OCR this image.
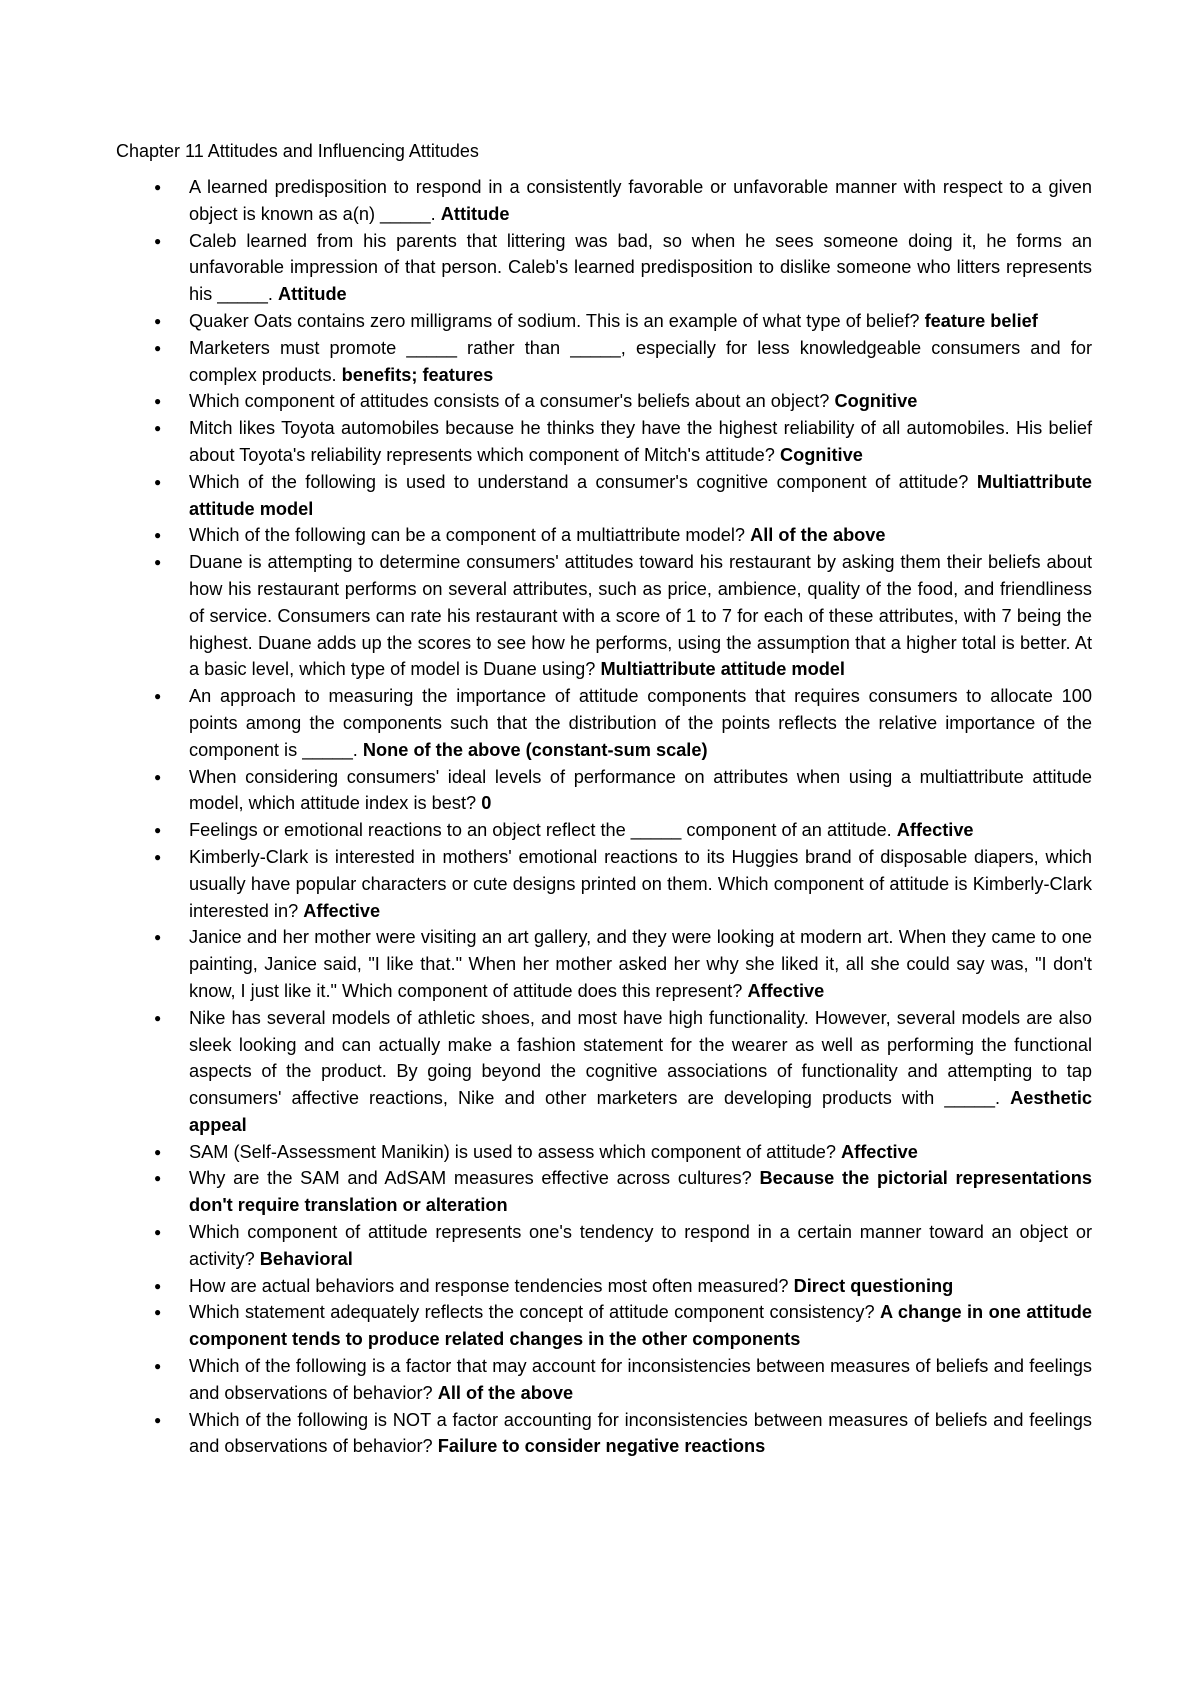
Chapter 11 Attitudes and Influencing Attitudes
● A learned predisposition to respond in a consistently favorable or unfavorable manner with respect to a given object is known as a(n) _____. Attitude
● Caleb learned from his parents that littering was bad, so when he sees someone doing it, he forms an unfavorable impression of that person. Caleb's learned predisposition to dislike someone who litters represents his _____. Attitude
● Quaker Oats contains zero milligrams of sodium. This is an example of what type of belief? feature belief
● Marketers must promote _____ rather than _____, especially for less knowledgeable consumers and for complex products. benefits; features
● Which component of attitudes consists of a consumer's beliefs about an object? Cognitive
● Mitch likes Toyota automobiles because he thinks they have the highest reliability of all automobiles. His belief about Toyota's reliability represents which component of Mitch's attitude? Cognitive
● Which of the following is used to understand a consumer's cognitive component of attitude? Multiattribute attitude model
● Which of the following can be a component of a multiattribute model? All of the above
● Duane is attempting to determine consumers' attitudes toward his restaurant by asking them their beliefs about how his restaurant performs on several attributes, such as price, ambience, quality of the food, and friendliness of service. Consumers can rate his restaurant with a score of 1 to 7 for each of these attributes, with 7 being the highest. Duane adds up the scores to see how he performs, using the assumption that a higher total is better. At a basic level, which type of model is Duane using? Multiattribute attitude model
● An approach to measuring the importance of attitude components that requires consumers to allocate 100 points among the components such that the distribution of the points reflects the relative importance of the component is _____. None of the above (constant-sum scale)
● When considering consumers' ideal levels of performance on attributes when using a multiattribute attitude model, which attitude index is best? 0
● Feelings or emotional reactions to an object reflect the _____ component of an attitude. Affective
● Kimberly-Clark is interested in mothers' emotional reactions to its Huggies brand of disposable diapers, which usually have popular characters or cute designs printed on them. Which component of attitude is Kimberly-Clark interested in? Affective
● Janice and her mother were visiting an art gallery, and they were looking at modern art. When they came to one painting, Janice said, "I like that." When her mother asked her why she liked it, all she could say was, "I don't know, I just like it." Which component of attitude does this represent? Affective
● Nike has several models of athletic shoes, and most have high functionality. However, several models are also sleek looking and can actually make a fashion statement for the wearer as well as performing the functional aspects of the product. By going beyond the cognitive associations of functionality and attempting to tap consumers' affective reactions, Nike and other marketers are developing products with _____. Aesthetic appeal
● SAM (Self-Assessment Manikin) is used to assess which component of attitude? Affective
● Why are the SAM and AdSAM measures effective across cultures? Because the pictorial representations don't require translation or alteration
● Which component of attitude represents one's tendency to respond in a certain manner toward an object or activity? Behavioral
● How are actual behaviors and response tendencies most often measured? Direct questioning
● Which statement adequately reflects the concept of attitude component consistency? A change in one attitude component tends to produce related changes in the other components
● Which of the following is a factor that may account for inconsistencies between measures of beliefs and feelings and observations of behavior? All of the above
● Which of the following is NOT a factor accounting for inconsistencies between measures of beliefs and feelings and observations of behavior? Failure to consider negative reactions
